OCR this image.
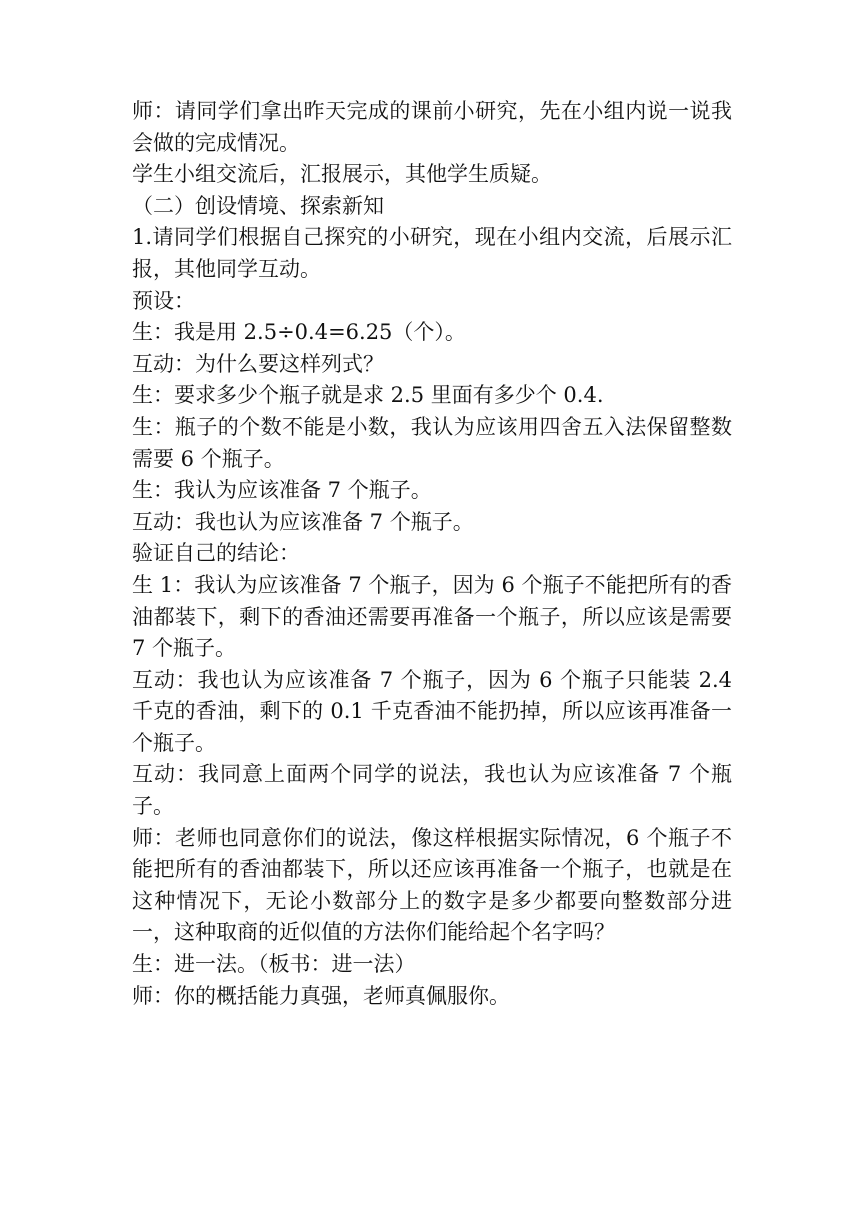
师：请同学们拿出昨天完成的课前小研究，先在小组内说一说我会做的完成情况。

学生小组交流后，汇报展示，其他学生质疑。

（二）创设情境、探索新知

1.请同学们根据自己探究的小研究，现在小组内交流，后展示汇报，其他同学互动。

预设：

生：我是用 2.5÷0.4=6.25（个）。

互动：为什么要这样列式？

生：要求多少个瓶子就是求 2.5 里面有多少个 0.4.

生：瓶子的个数不能是小数，我认为应该用四舍五入法保留整数需要 6 个瓶子。

生：我认为应该准备 7 个瓶子。

互动：我也认为应该准备 7 个瓶子。

验证自己的结论：

生 1：我认为应该准备 7 个瓶子，因为 6 个瓶子不能把所有的香油都装下，剩下的香油还需要再准备一个瓶子，所以应该是需要 7 个瓶子。

互动：我也认为应该准备 7 个瓶子，因为 6 个瓶子只能装 2.4 千克的香油，剩下的 0.1 千克香油不能扔掉，所以应该再准备一个瓶子。

互动：我同意上面两个同学的说法，我也认为应该准备 7 个瓶子。

师：老师也同意你们的说法，像这样根据实际情况，6 个瓶子不能把所有的香油都装下，所以还应该再准备一个瓶子，也就是在这种情况下，无论小数部分上的数字是多少都要向整数部分进一，这种取商的近似值的方法你们能给起个名字吗？

生：进一法。（板书：进一法）

师：你的概括能力真强，老师真佩服你。
